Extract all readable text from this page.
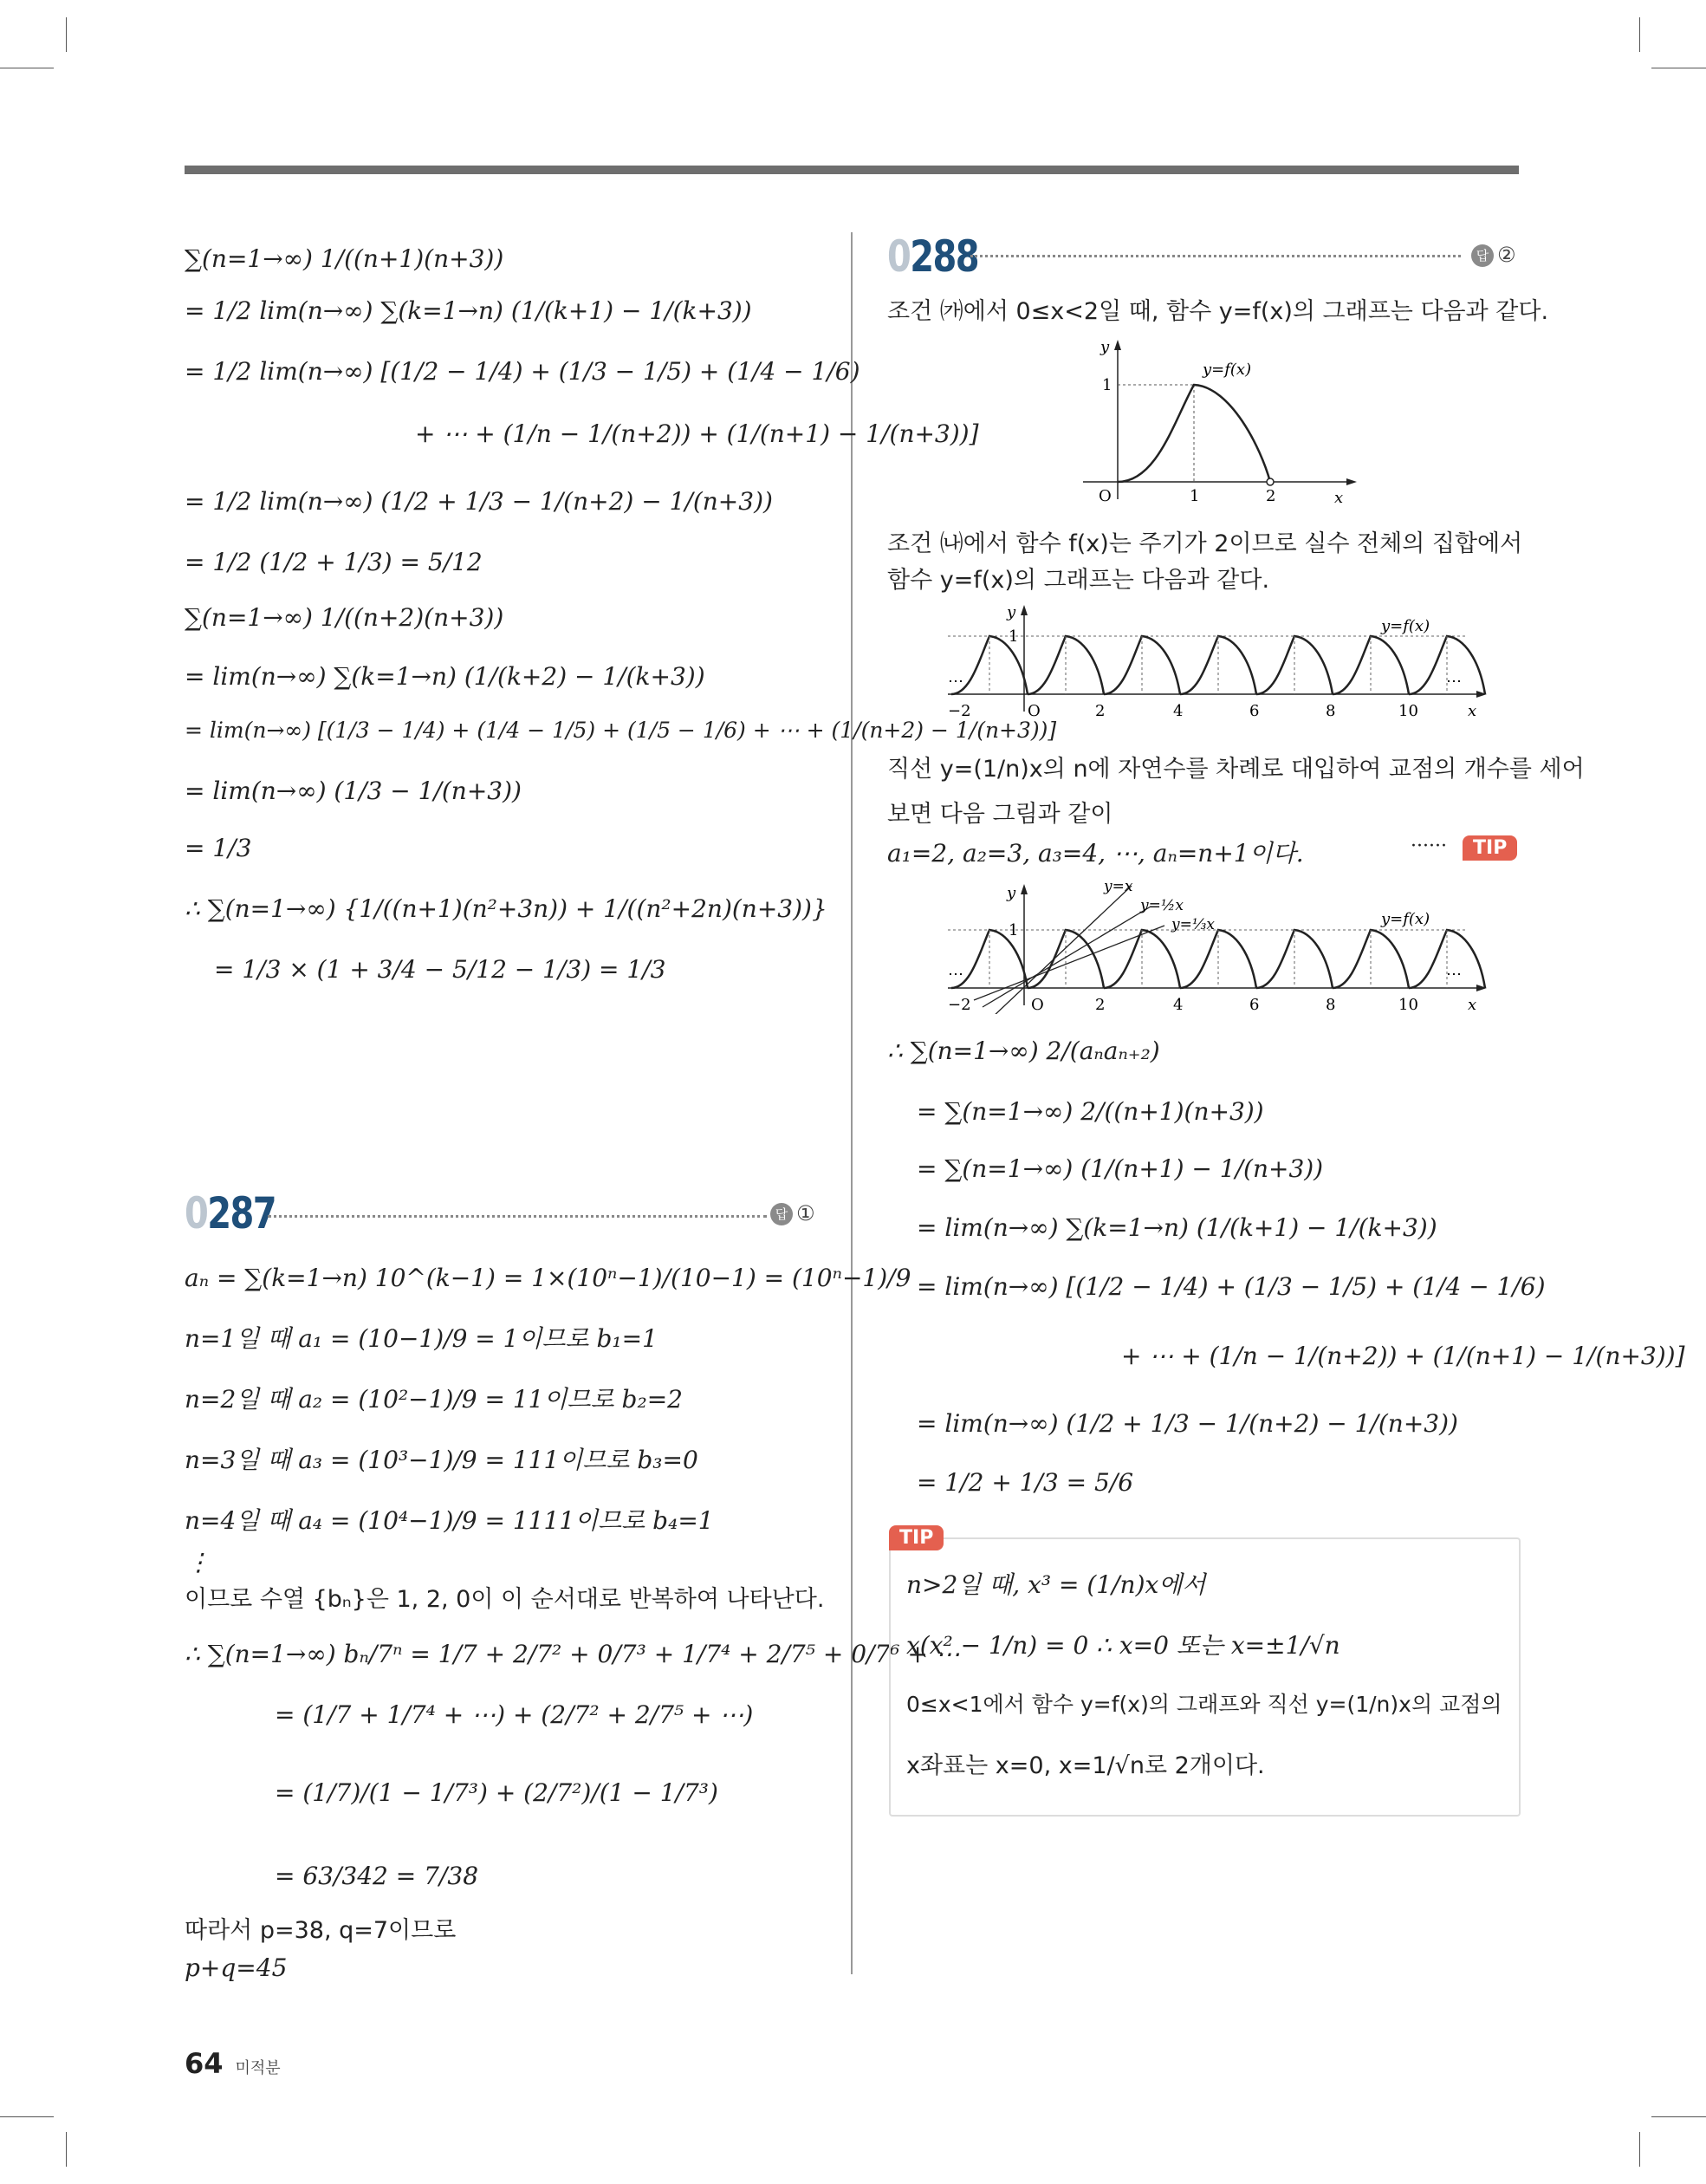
∑(n=1→∞) 1/((n+1)(n+3))
= 1/2 lim(n→∞) ∑(k=1→n) (1/(k+1) − 1/(k+3))
= 1/2 lim(n→∞) [(1/2 − 1/4) + (1/3 − 1/5) + (1/4 − 1/6)
+ ⋯ + (1/n − 1/(n+2)) + (1/(n+1) − 1/(n+3))]
= 1/2 lim(n→∞) (1/2 + 1/3 − 1/(n+2) − 1/(n+3))
= 1/2 (1/2 + 1/3) = 5/12
∑(n=1→∞) 1/((n+2)(n+3))
= lim(n→∞) ∑(k=1→n) (1/(k+2) − 1/(k+3))
= lim(n→∞) [(1/3 − 1/4) + (1/4 − 1/5) + (1/5 − 1/6) + ⋯ + (1/(n+2) − 1/(n+3))]
= lim(n→∞) (1/3 − 1/(n+3))
= 1/3
∴ ∑(n=1→∞) {1/((n+1)(n²+3n)) + 1/((n²+2n)(n+3))}
= 1/3 × (1 + 3/4 − 5/12 − 1/3) = 1/3
0287	답 ①
aₙ = ∑(k=1→n) 10^(k−1) = 1×(10ⁿ−1)/(10−1) = (10ⁿ−1)/9
n=1일 때 a₁ = (10−1)/9 = 1이므로 b₁=1
n=2일 때 a₂ = (10²−1)/9 = 11이므로 b₂=2
n=3일 때 a₃ = (10³−1)/9 = 111이므로 b₃=0
n=4일 때 a₄ = (10⁴−1)/9 = 1111이므로 b₄=1
⋮
이므로 수열 {bₙ}은 1, 2, 0이 이 순서대로 반복하여 나타난다.
∴ ∑(n=1→∞) bₙ/7ⁿ = 1/7 + 2/7² + 0/7³ + 1/7⁴ + 2/7⁵ + 0/7⁶ + ⋯
= (1/7 + 1/7⁴ + ⋯) + (2/7² + 2/7⁵ + ⋯)
= (1/7)/(1 − 1/7³) + (2/7²)/(1 − 1/7³)
= 63/342 = 7/38
따라서 p=38, q=7이므로
p+q=45
0288	답 ②
조건 ㈎에서 0≤x<2일 때, 함수 y=f(x)의 그래프는 다음과 같다.
y
x
O	1	2
1
y=f(x)
조건 ㈏에서 함수 f(x)는 주기가 2이므로 실수 전체의 집합에서
함수 y=f(x)의 그래프는 다음과 같다.
⋯	⋯
y
x
O
1
−2	2	4	6	8	10
y=f(x)
직선 y=(1/n)x의 n에 자연수를 차례로 대입하여 교점의 개수를 세어
보면 다음 그림과 같이
a₁=2, a₂=3, a₃=4, ⋯, aₙ=n+1이다.	······	TIP
⋯	⋯
y
x
O
1
−2	2	4	6	8	10
y=x
y=½x
y=⅓x	y=f(x)
∴ ∑(n=1→∞) 2/(aₙaₙ₊₂)
= ∑(n=1→∞) 2/((n+1)(n+3))
= ∑(n=1→∞) (1/(n+1) − 1/(n+3))
= lim(n→∞) ∑(k=1→n) (1/(k+1) − 1/(k+3))
= lim(n→∞) [(1/2 − 1/4) + (1/3 − 1/5) + (1/4 − 1/6)
+ ⋯ + (1/n − 1/(n+2)) + (1/(n+1) − 1/(n+3))]
= lim(n→∞) (1/2 + 1/3 − 1/(n+2) − 1/(n+3))
= 1/2 + 1/3 = 5/6
n>2일 때, x³ = (1/n)x에서
x(x² − 1/n) = 0 ∴ x=0 또는 x=±1/√n
0≤x<1에서 함수 y=f(x)의 그래프와 직선 y=(1/n)x의 교점의
x좌표는 x=0, x=1/√n로 2개이다.
TIP
64 미적분
